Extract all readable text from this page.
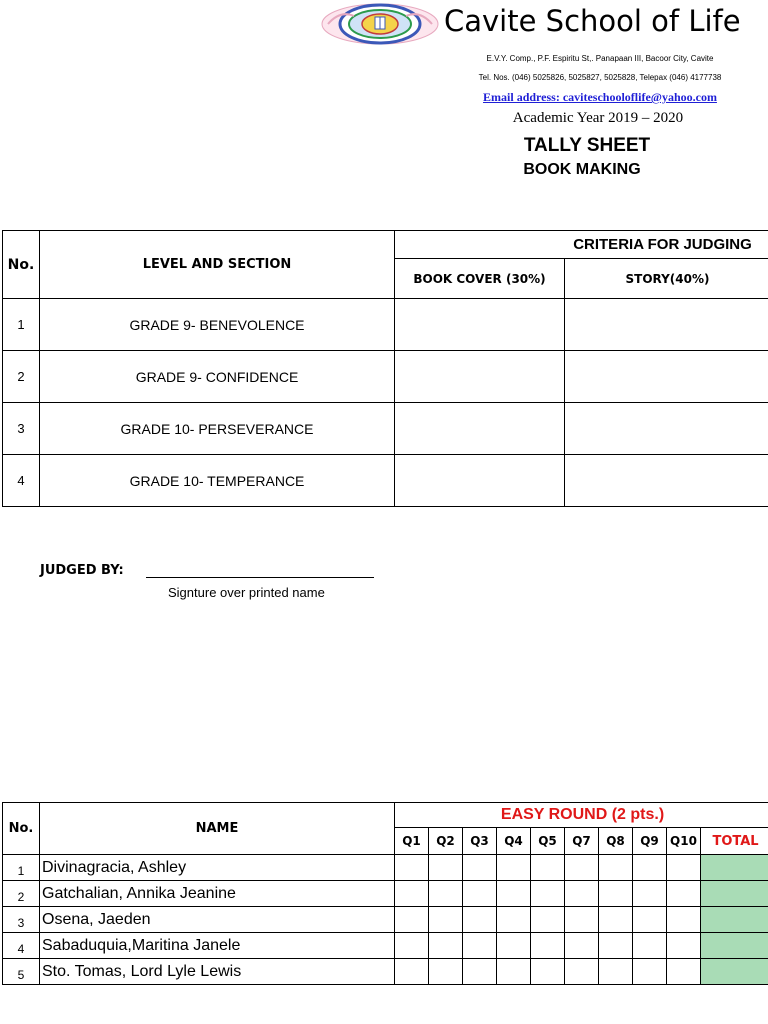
Cavite School of Life
E.V.Y. Comp., P.F. Espiritu St,. Panapaan III, Bacoor City, Cavite
Tel. Nos. (046) 5025826, 5025827, 5025828, Telepax (046) 4177738
Email address: caviteschooloflife@yahoo.com
Academic Year 2019 – 2020
TALLY SHEET
BOOK MAKING
No.	LEVEL AND SECTION	CRITERIA FOR JUDGING	
		BOOK COVER (30%)	STORY(40%)
1	GRADE 9- BENEVOLENCE		
2	GRADE 9- CONFIDENCE		
3	GRADE 10- PERSEVERANCE		
4	GRADE 10- TEMPERANCE		
JUDGED BY:
Signture over printed name
No.	NAME	EASY ROUND (2 pts.)									
		Q1	Q2	Q3	Q4	Q5	Q7	Q8	Q9	Q10	TOTAL
1	Divinagracia, Ashley										
2	Gatchalian, Annika Jeanine										
3	Osena, Jaeden										
4	Sabaduquia,Maritina Janele										
5	Sto. Tomas, Lord Lyle Lewis										
